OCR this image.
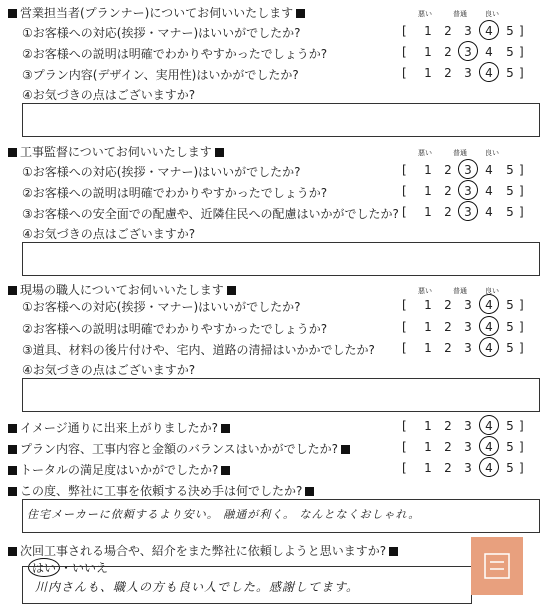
営業担当者(プランナー)についてお伺いいたします	悪い	普通	良い
①お客様への対応(挨拶・マナー)はいいがでしたか?	[ 1 2 3 4 5 ]
②お客様への説明は明確でわかりやすかったでしょうか?	[ 1 2 3 4 5 ]
③プラン内容(デザイン、実用性)はいかがでしたか?	[ 1 2 3 4 5 ]
④お気づきの点はございますか?
工事監督についてお伺いいたします	悪い	普通	良い
①お客様への対応(挨拶・マナー)はいいがでしたか?	[ 1 2 3 4 5 ]
②お客様への説明は明確でわかりやすかったでしょうか?	[ 1 2 3 4 5 ]
③お客様への安全面での配慮や、近隣住民への配慮はいかがでしたか? [ 1 2 3 4 5 ]
④お気づきの点はございますか?
現場の職人についてお伺いいたします	悪い	普通	良い
①お客様への対応(挨拶・マナー)はいいがでしたか?	[ 1 2 3 4 5 ]
②お客様への説明は明確でわかりやすかったでしょうか?	[ 1 2 3 4 5 ]
③道具、材料の後片付けや、宅内、道路の清掃はいかかでしたか? [ 1 2 3 4 5 ]
④お気づきの点はございますか?
イメージ通りに出来上がりましたか?	[ 1 2 3 4 5 ]
プラン内容、工事内容と金額のバランスはいかがでしたか?	[ 1 2 3 4 5 ]
トータルの満足度はいかがでしたか?	[ 1 2 3 4 5 ]
この度、弊社に工事を依頼する決め手は何でしたか?
住宅メーカーに依頼するより安い。 融通が利く。 なんとなくおしゃれ。
次回工事される場合や、紹介をまた弊社に依頼しようと思いますか?
はい ・いいえ
川内さんも、職人の方も良い人でした。感謝してます。
